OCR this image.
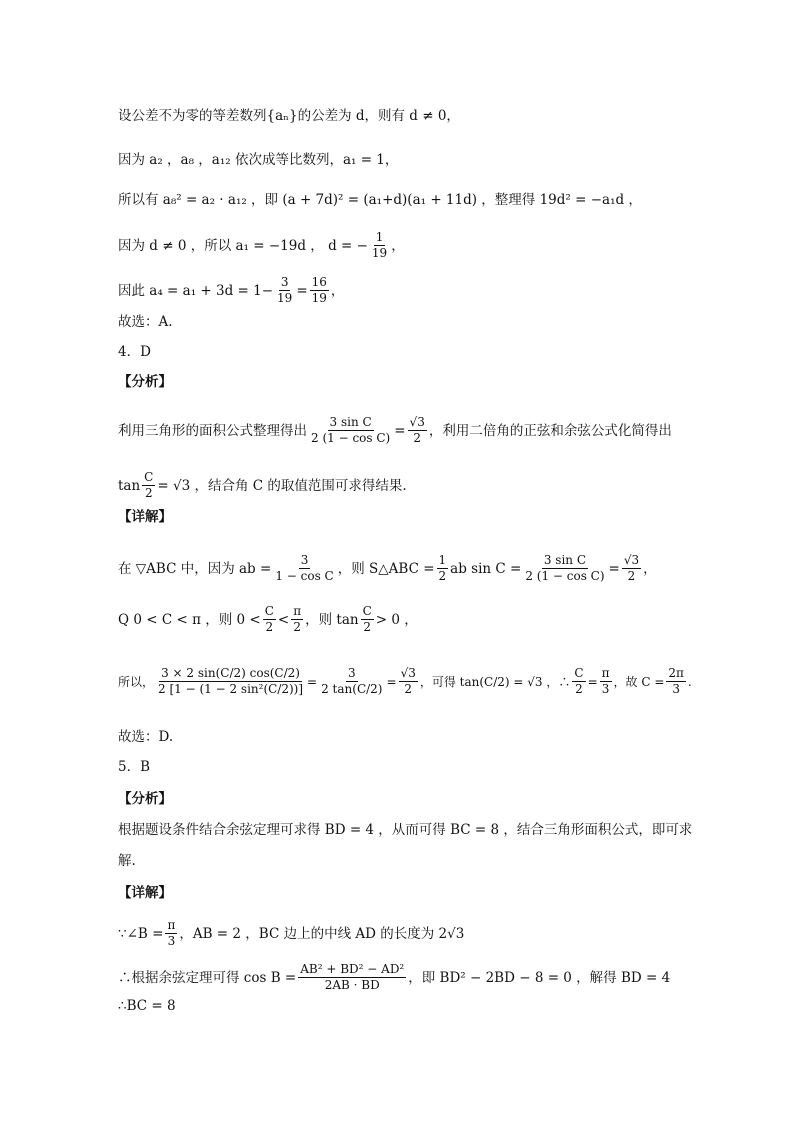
设公差不为零的等差数列 {aₙ} 的公差为 d，则有 d ≠ 0，
因为 a₂ ，a₈ ，a₁₂ 依次成等比数列，a₁ = 1，
所以有 a₈² = a₂ · a₁₂ ，即 (a + 7d)² = (a₁+d)(a₁ + 11d) ，整理得 19d² = −a₁d ，
因为 d ≠ 0 ，所以 a₁ = −19d ， d = − $\frac{1}{19}$ ，
因此 $a_4 = a_1 + 3d = 1- \frac{3}{19} = \frac{16}{19}$ ，
故选：A.
4．D
【分析】
利用三角形的面积公式整理得出 $\frac{\text{3 sin C}}{\text{2 (1 − cos C)}} = \frac{√3}{2}$ ，利用二倍角的正弦和余弦公式化简得出
$\tan \frac{C}{2} = √3$ ，结合角 C 的取值范围可求得结果.
【详解】
在 ▽ABC 中，因为 ab = $\frac{3}{\text{1 − cos C}}$ ，则 S△ABC = $\frac{1}{2}$ ab $\sin C = \frac{\text{3 sin C}}{\text{2 (1 − cos C)}} = \frac{√3}{2}$ ，
Q 0 < C < π ，则 $0 < \frac{C}{2} < \frac{\pi}{2}$ ，则 $\tan \frac{C}{2} > 0$ ，
所以， $\frac{3 \times 2 \sin(C/2) \cos(C/2)}{\text{2 [1 − (1 − 2 sin²(C/2))]}} = \frac{3}{2 \tan(C/2)} = \frac{√3}{2}$ ，可得 tan(C/2) = √3 ，∴ $\frac{C}{2} = \frac{\pi}{3}$ ，故 $C = \frac{2\pi}{3}$ .
故选：D.
5．B
【分析】
根据题设条件结合余弦定理可求得 BD = 4 ，从而可得 BC = 8 ，结合三角形面积公式，即可求
解.
【详解】
∵∠B = $\frac{\pi}{3}$ ，AB = 2 ，BC 边上的中线 AD 的长度为 2√3
∴根据余弦定理可得 $\cos B = \frac{\text{AB² + BD² − AD²}}{2AB \cdot BD}$ ，即 BD² − 2BD − 8 = 0 ，解得 BD = 4
∴BC = 8
